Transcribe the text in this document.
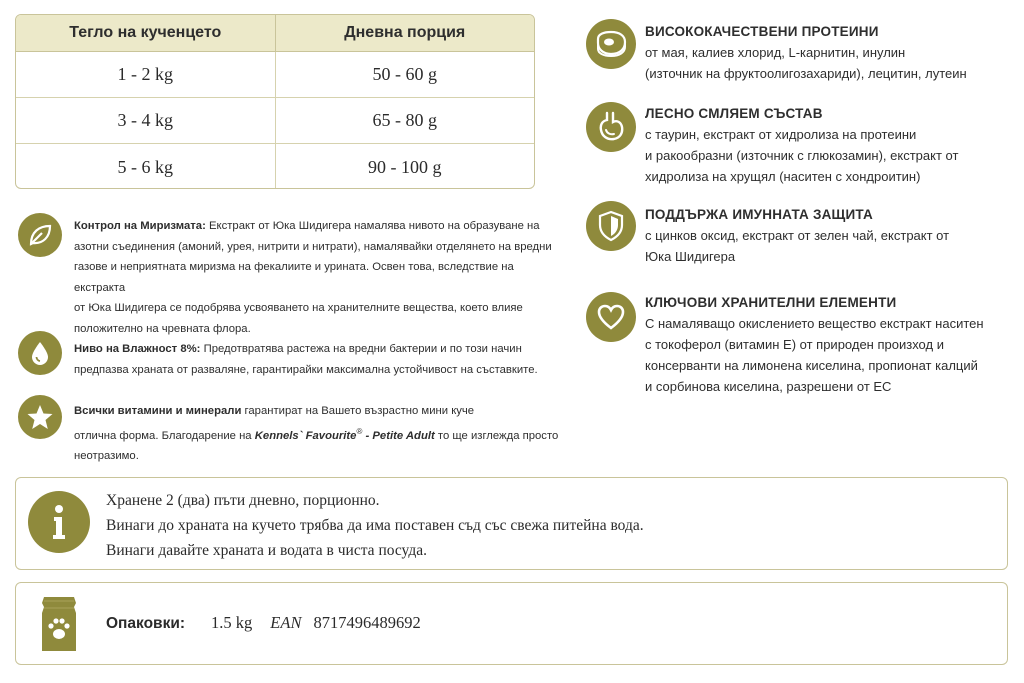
Тегло на кученцето	Дневна порция
1 - 2 kg	50 - 60 g
3 - 4 kg	65 - 80 g
5 - 6 kg	90 - 100 g
Контрол на Миризмата: Екстракт от Юка Шидигера намалява нивото на образуване на
азотни съединения (амоний, урея, нитрити и нитрати), намалявайки отделянето на вредни
газове и неприятната миризма на фекалиите и урината. Освен това, вследствие на екстракта
от Юка Шидигера се подобрява усвояването на хранителните вещества, което влияе
положително на чревната флора.
Ниво на Влажност 8%: Предотвратява растежа на вредни бактерии и по този начин
предпазва храната от разваляне, гарантирайки максимална устойчивост на съставките.
Всички витамини и минерали гарантират на Вашето възрастно мини куче
отлична форма. Благодарение на Kennels` Favourite® - Petite Adult то ще изглежда просто
неотразимо.
ВИСОКОКАЧЕСТВЕНИ ПРОТЕИНИ
от мая, калиев хлорид, L-карнитин, инулин
(източник на фруктоолигозахариди), лецитин, лутеин
ЛЕСНО СМЛЯЕМ СЪСТАВ
с таурин, екстракт от хидролиза на протеини
и ракообразни (източник с глюкозамин), екстракт от
хидролиза на хрущял (наситен с хондроитин)
ПОДДЪРЖА ИМУННАТА ЗАЩИТА
с цинков оксид, екстракт от зелен чай, екстракт от
Юка Шидигера
КЛЮЧОВИ ХРАНИТЕЛНИ ЕЛЕМЕНТИ
С намаляващо окислението вещество екстракт наситен
с токоферол (витамин Е) от природен произход и
консерванти на лимонена киселина, пропионат калций
и сорбинова киселина, разрешени от ЕС
Хранене 2 (два) пъти дневно, порционно.
Винаги до храната на кучето трябва да има поставен съд със свежа питейна вода.
Винаги давайте храната и водата в чиста посуда.
Опаковки: 1.5 kg EAN 8717496489692
